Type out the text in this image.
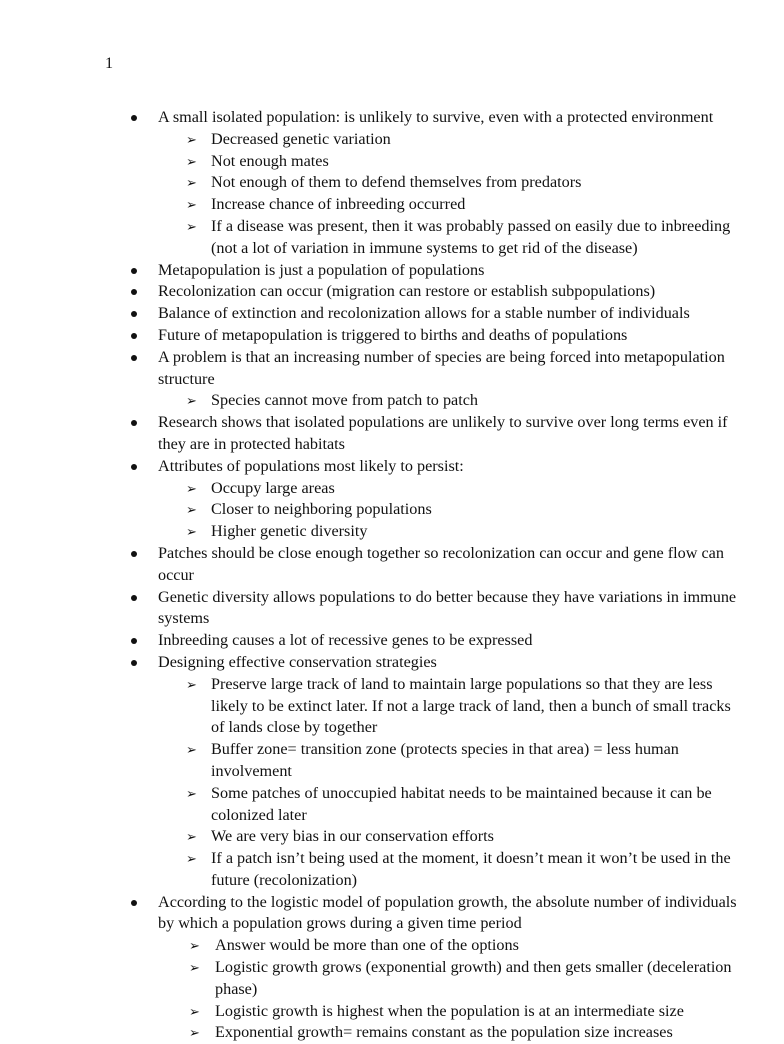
1
A small isolated population: is unlikely to survive, even with a protected environment
➢ Decreased genetic variation
➢ Not enough mates
➢ Not enough of them to defend themselves from predators
➢ Increase chance of inbreeding occurred
➢ If a disease was present, then it was probably passed on easily due to inbreeding
(not a lot of variation in immune systems to get rid of the disease)
Metapopulation is just a population of populations
Recolonization can occur (migration can restore or establish subpopulations)
Balance of extinction and recolonization allows for a stable number of individuals
Future of metapopulation is triggered to births and deaths of populations
A problem is that an increasing number of species are being forced into metapopulation
structure
➢ Species cannot move from patch to patch
Research shows that isolated populations are unlikely to survive over long terms even if
they are in protected habitats
Attributes of populations most likely to persist:
➢ Occupy large areas
➢ Closer to neighboring populations
➢ Higher genetic diversity
Patches should be close enough together so recolonization can occur and gene flow can
occur
Genetic diversity allows populations to do better because they have variations in immune
systems
Inbreeding causes a lot of recessive genes to be expressed
Designing effective conservation strategies
➢ Preserve large track of land to maintain large populations so that they are less
likely to be extinct later. If not a large track of land, then a bunch of small tracks
of lands close by together
➢ Buffer zone= transition zone (protects species in that area) = less human
involvement
➢ Some patches of unoccupied habitat needs to be maintained because it can be
colonized later
➢ We are very bias in our conservation efforts
➢ If a patch isn’t being used at the moment, it doesn’t mean it won’t be used in the
future (recolonization)
According to the logistic model of population growth, the absolute number of individuals
by which a population grows during a given time period
➢ Answer would be more than one of the options
➢ Logistic growth grows (exponential growth) and then gets smaller (deceleration
phase)
➢ Logistic growth is highest when the population is at an intermediate size
➢ Exponential growth= remains constant as the population size increases
